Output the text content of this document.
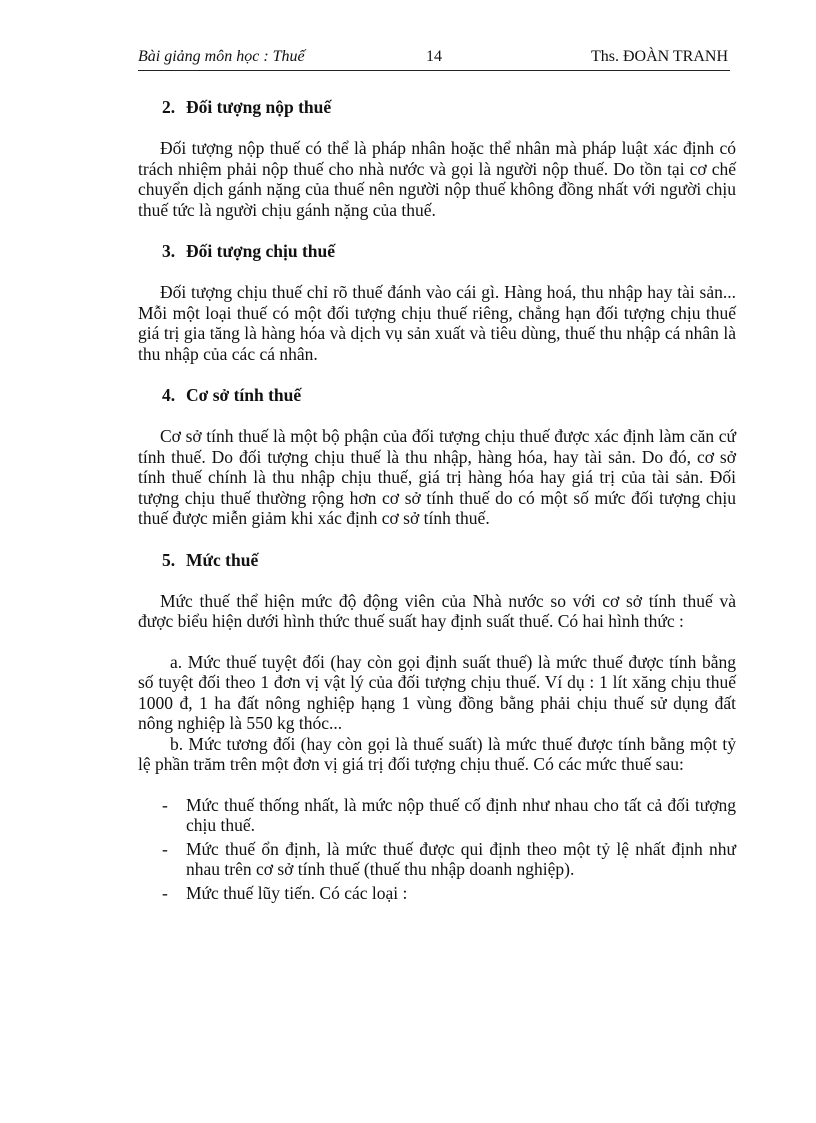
Bài giảng môn học : Thuế	14	Ths. ĐOÀN TRANH
2. Đối tượng nộp thuế

Đối tượng nộp thuế có thể là pháp nhân hoặc thể nhân mà pháp luật xác định có trách nhiệm phải nộp thuế cho nhà nước và gọi là người nộp thuế. Do tồn tại cơ chế chuyển dịch gánh nặng của thuế nên người nộp thuế không đồng nhất với người chịu thuế tức là người chịu gánh nặng của thuế.

3. Đối tượng chịu thuế

Đối tượng chịu thuế chỉ rõ thuế đánh vào cái gì. Hàng hoá, thu nhập hay tài sản... Mỗi một loại thuế có một đối tượng chịu thuế riêng, chẳng hạn đối tượng chịu thuế giá trị gia tăng là hàng hóa và dịch vụ sản xuất và tiêu dùng, thuế thu nhập cá nhân là thu nhập của các cá nhân.

4. Cơ sở tính thuế

Cơ sở tính thuế là một bộ phận của đối tượng chịu thuế được xác định làm căn cứ tính thuế. Do đối tượng chịu thuế là thu nhập, hàng hóa, hay tài sản. Do đó, cơ sở tính thuế chính là thu nhập chịu thuế, giá trị hàng hóa hay giá trị của tài sản. Đối tượng chịu thuế thường rộng hơn cơ sở tính thuế do có một số mức đối tượng chịu thuế được miễn giảm khi xác định cơ sở tính thuế.

5. Mức thuế

Mức thuế thể hiện mức độ động viên của Nhà nước so với cơ sở tính thuế và được biểu hiện dưới hình thức thuế suất hay định suất thuế. Có hai hình thức :

a. Mức thuế tuyệt đối (hay còn gọi định suất thuế) là mức thuế được tính bằng số tuyệt đối theo 1 đơn vị vật lý của đối tượng chịu thuế. Ví dụ : 1 lít xăng chịu thuế 1000 đ, 1 ha đất nông nghiệp hạng 1 vùng đồng bằng phải chịu thuế sử dụng đất nông nghiệp là 550 kg thóc...

b. Mức tương đối (hay còn gọi là thuế suất) là mức thuế được tính bằng một tỷ lệ phần trăm trên một đơn vị giá trị đối tượng chịu thuế. Có các mức thuế sau:

- Mức thuế thống nhất, là mức nộp thuế cố định như nhau cho tất cả đối tượng chịu thuế.
- Mức thuế ổn định, là mức thuế được qui định theo một tỷ lệ nhất định như nhau trên cơ sở tính thuế (thuế thu nhập doanh nghiệp).
- Mức thuế lũy tiến. Có các loại :
